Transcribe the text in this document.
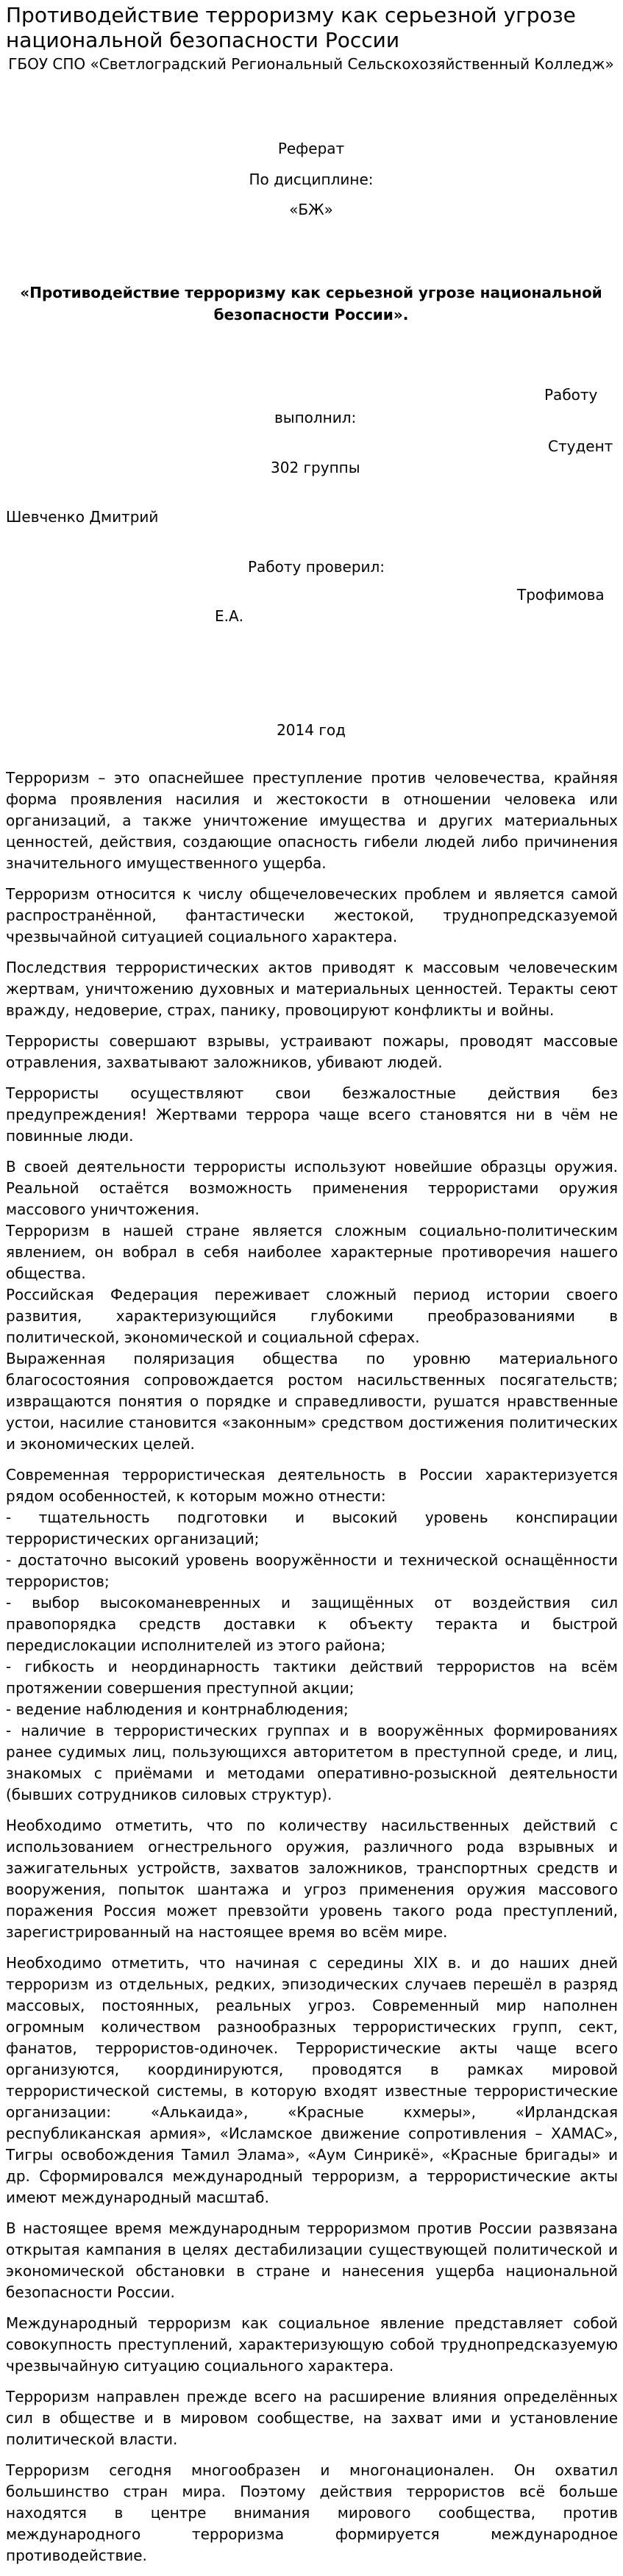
Противодействие терроризму как серьезной угрозе национальной безопасности России
ГБОУ СПО «Светлоградский Региональный Сельскохозяйственный Колледж»
Реферат
По дисциплине:
«БЖ»
«Противодействие терроризму как серьезной угрозе национальной безопасности России».
Работу
выполнил:
Студент
302 группы
Шевченко Дмитрий
Работу проверил:
Трофимова
Е.А.
2014 год

Терроризм – это опаснейшее преступление против человечества, крайняя форма проявления насилия и жестокости в отношении человека или организаций, а также уничтожение имущества и других материальных ценностей, действия, создающие опасность гибели людей либо причинения значительного имущественного ущерба.

Терроризм относится к числу общечеловеческих проблем и является самой распространённой, фантастически жестокой, труднопредсказуемой чрезвычайной ситуацией социального характера.

Последствия террористических актов приводят к массовым человеческим жертвам, уничтожению духовных и материальных ценностей. Теракты сеют вражду, недоверие, страх, панику, провоцируют конфликты и войны.

Террористы совершают взрывы, устраивают пожары, проводят массовые отравления, захватывают заложников, убивают людей.

Террористы осуществляют свои безжалостные действия без предупреждения! Жертвами террора чаще всего становятся ни в чём не повинные люди.

В своей деятельности террористы используют новейшие образцы оружия. Реальной остаётся возможность применения террористами оружия массового уничтожения.

Терроризм в нашей стране является сложным социально-политическим явлением, он вобрал в себя наиболее характерные противоречия нашего общества.

Российская Федерация переживает сложный период истории своего развития, характеризующийся глубокими преобразованиями в политической, экономической и социальной сферах.

Выраженная поляризация общества по уровню материального благосостояния сопровождается ростом насильственных посягательств; извращаются понятия о порядке и справедливости, рушатся нравственные устои, насилие становится «законным» средством достижения политических и экономических целей.

Современная террористическая деятельность в России характеризуется рядом особенностей, к которым можно отнести:

- тщательность подготовки и высокий уровень конспирации террористических организаций;

- достаточно высокий уровень вооружённости и технической оснащённости террористов;

- выбор высокоманевренных и защищённых от воздействия сил правопорядка средств доставки к объекту теракта и быстрой передислокации исполнителей из этого района;

- гибкость и неординарность тактики действий террористов на всём протяжении совершения преступной акции;

- ведение наблюдения и контрнаблюдения;

- наличие в террористических группах и в вооружённых формированиях ранее судимых лиц, пользующихся авторитетом в преступной среде, и лиц, знакомых с приёмами и методами оперативно-розыскной деятельности (бывших сотрудников силовых структур).

Необходимо отметить, что по количеству насильственных действий с использованием огнестрельного оружия, различного рода взрывных и зажигательных устройств, захватов заложников, транспортных средств и вооружения, попыток шантажа и угроз применения оружия массового поражения Россия может превзойти уровень такого рода преступлений, зарегистрированный на настоящее время во всём мире.

Необходимо отметить, что начиная с середины XIX в. и до наших дней терроризм из отдельных, редких, эпизодических случаев перешёл в разряд массовых, постоянных, реальных угроз. Современный мир наполнен огромным количеством разнообразных террористических групп, сект, фанатов, террористов-одиночек. Террористические акты чаще всего организуются, координируются, проводятся в рамках мировой террористической системы, в которую входят известные террористические организации: «Алькаида», «Красные кхмеры», «Ирландская республиканская армия», «Исламское движение сопротивления – ХАМАС», Тигры освобождения Тамил Элама», «Аум Синрикё», «Красные бригады» и др. Сформировался международный терроризм, а террористические акты имеют международный масштаб.

В настоящее время международным терроризмом против России развязана открытая кампания в целях дестабилизации существующей политической и экономической обстановки в стране и нанесения ущерба национальной безопасности России.

Международный терроризм как социальное явление представляет собой совокупность преступлений, характеризующую собой труднопредсказуемую чрезвычайную ситуацию социального характера.

Терроризм направлен прежде всего на расширение влияния определённых сил в обществе и в мировом сообществе, на захват ими и установление политической власти.

Терроризм сегодня многообразен и многонационален. Он охватил большинство стран мира. Поэтому действия террористов всё больше находятся в центре внимания мирового сообщества, против международного терроризма формируется международное противодействие.
